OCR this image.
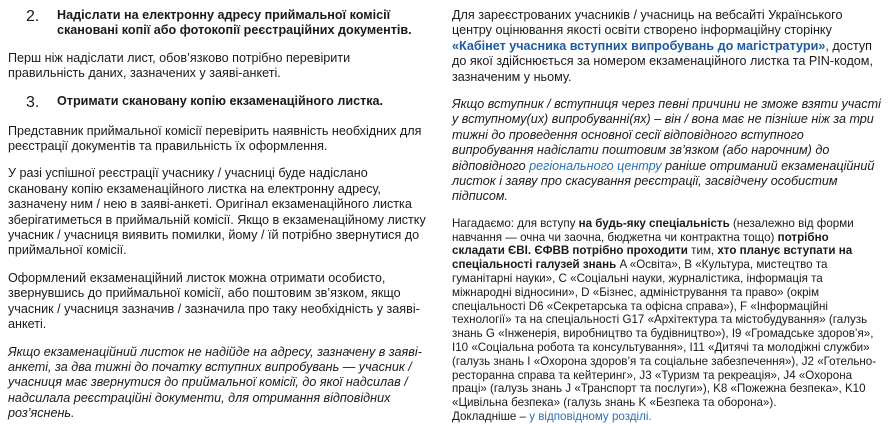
2.	Надіслати на електронну адресу приймальної комісії скановані копії або фотокопії реєстраційних документів.

Перш ніж надіслати лист, обов’язково потрібно перевірити правильність даних, зазначених у заяві-анкеті.

3.	Отримати скановану копію екзаменаційного листка.

Представник приймальної комісії перевірить наявність необхідних для реєстрації документів та правильність їх оформлення.

У разі успішної реєстрації учаснику / учасниці буде надіслано скановану копію екзаменаційного листка на електронну адресу, зазначену ним / нею в заяві-анкеті. Оригінал екзаменаційного листка зберігатиметься в приймальній комісії. Якщо в екзаменаційному листку учасник / учасниця виявить помилки, йому / їй потрібно звернутися до приймальної комісії.

Оформлений екзаменаційний листок можна отримати особисто, звернувшись до приймальної комісії, або поштовим зв’язком, якщо учасник / учасниця зазначив / зазначила про таку необхідність у заяві-анкеті.

Якщо екзаменаційний листок не надійде на адресу, зазначену в заяві-анкеті, за два тижні до початку вступних випробувань — учасник / учасниця має звернутися до приймальної комісії, до якої надсилав / надсилала реєстраційні документи, для отримання відповідних роз’яснень.

Для зареєстрованих учасників / учасниць на вебсайті Українського центру оцінювання якості освіти створено інформаційну сторінку «Кабінет учасника вступних випробувань до магістратури», доступ до якої здійснюється за номером екзаменаційного листка та PIN-кодом, зазначеним у ньому.

Якщо вступник / вступниця через певні причини не зможе взяти участі у вступному(их) випробуванні(ях) – він / вона має не пізніше ніж за три тижні до проведення основної сесії відповідного вступного випробування надіслати поштовим зв’язком (або нарочним) до відповідного регіонального центру раніше отриманий екзаменаційний листок і заяву про скасування реєстрації, засвідчену особистим підписом.

Нагадаємо: для вступу на будь-яку спеціальність (незалежно від форми навчання — очна чи заочна, бюджетна чи контрактна тощо) потрібно складати ЄВІ. ЄФВВ потрібно проходити тим, хто планує вступати на спеціальності галузей знань A «Освіта», B «Культура, мистецтво та гуманітарні науки», C «Соціальні науки, журналістика, інформація та міжнародні відносини», D «Бізнес, адміністрування та право» (окрім спеціальності D6 «Секретарська та офісна справа»), F «Інформаційні технології» та на спеціальності G17 «Архітектура та містобудування» (галузь знань G «Інженерія, виробництво та будівництво»), I9 «Громадське здоров’я», I10 «Соціальна робота та консультування», I11 «Дитячі та молодіжні служби» (галузь знань I «Охорона здоров’я та соціальне забезпечення»), J2 «Готельно-ресторанна справа та кейтеринг», J3 «Туризм та рекреація», J4 «Охорона праці» (галузь знань J «Транспорт та послуги»), K8 «Пожежна безпека», K10 «Цивільна безпека» (галузь знань K «Безпека та оборона»).

Докладніше – у відповідному розділі.
